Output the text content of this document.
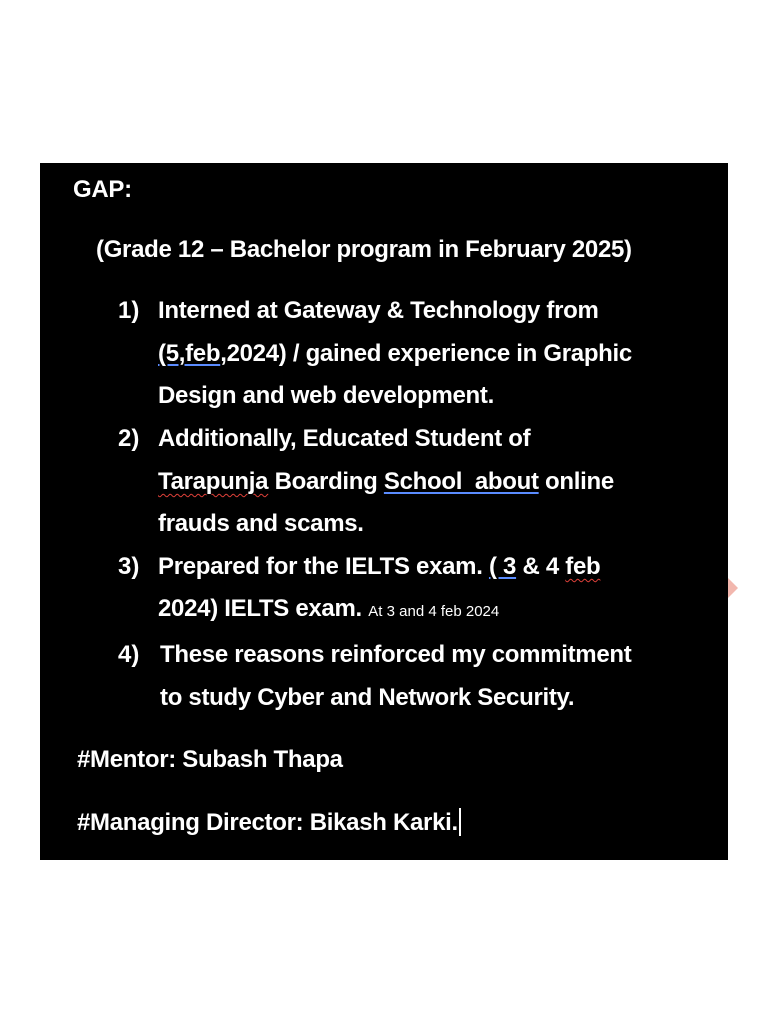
GAP:
(Grade 12 – Bachelor program in February 2025)
1) Interned at Gateway & Technology from
(5,feb,2024) / gained experience in Graphic
Design and web development.
2) Additionally, Educated Student of
Tarapunja Boarding School  about online
frauds and scams.
3) Prepared for the IELTS exam. ( 3 & 4 feb
2024) IELTS exam. At 3 and 4 feb 2024
4) These reasons reinforced my commitment
to study Cyber and Network Security.
#Mentor: Subash Thapa
#Managing Director: Bikash Karki.
